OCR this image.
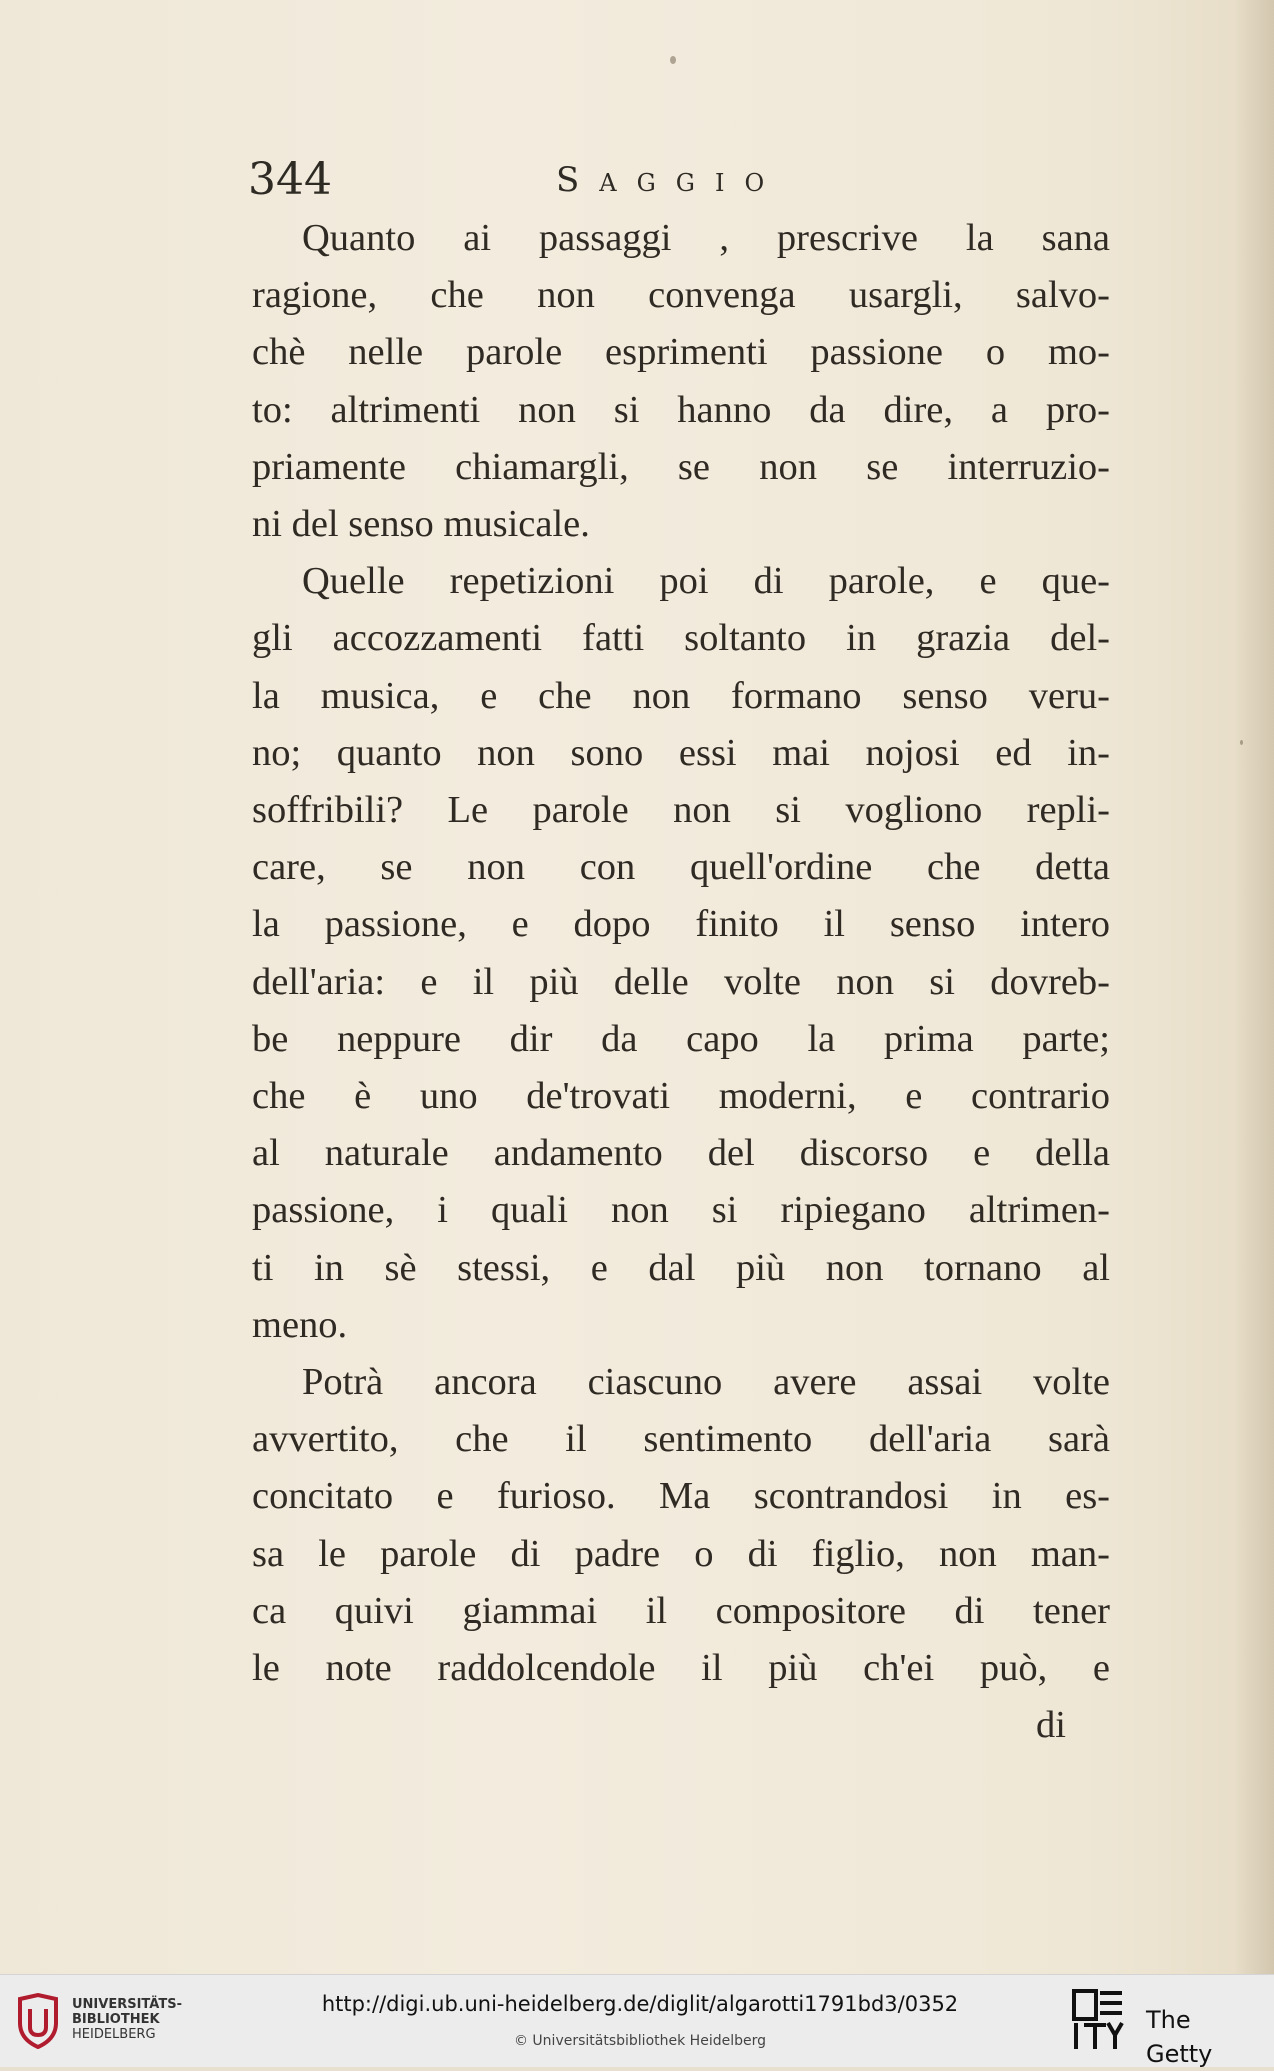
344	Saggio
Quanto ai passaggi , prescrive la sana
ragione, che non convenga usargli, salvo-
chè nelle parole esprimenti passione o mo-
to: altrimenti non si hanno da dire, a pro-
priamente chiamargli, se non se interruzio-
ni del senso musicale.
Quelle repetizioni poi di parole, e que-
gli accozzamenti fatti soltanto in grazia del-
la musica, e che non formano senso veru-
no; quanto non sono essi mai nojosi ed in-
soffribili? Le parole non si vogliono repli-
care, se non con quell'ordine che detta
la passione, e dopo finito il senso intero
dell'aria: e il più delle volte non si dovreb-
be neppure dir da capo la prima parte;
che è uno de'trovati moderni, e contrario
al naturale andamento del discorso e della
passione, i quali non si ripiegano altrimen-
ti in sè stessi, e dal più non tornano al
meno.
Potrà ancora ciascuno avere assai volte
avvertito, che il sentimento dell'aria sarà
concitato e furioso. Ma scontrandosi in es-
sa le parole di padre o di figlio, non man-
ca quivi giammai il compositore di tener
le note raddolcendole il più ch'ei può, e
di
UNIVERSITÄTS-
BIBLIOTHEK
HEIDELBERG
http://digi.ub.uni-heidelberg.de/diglit/algarotti1791bd3/0352
© Universitätsbibliothek Heidelberg
The Getty
